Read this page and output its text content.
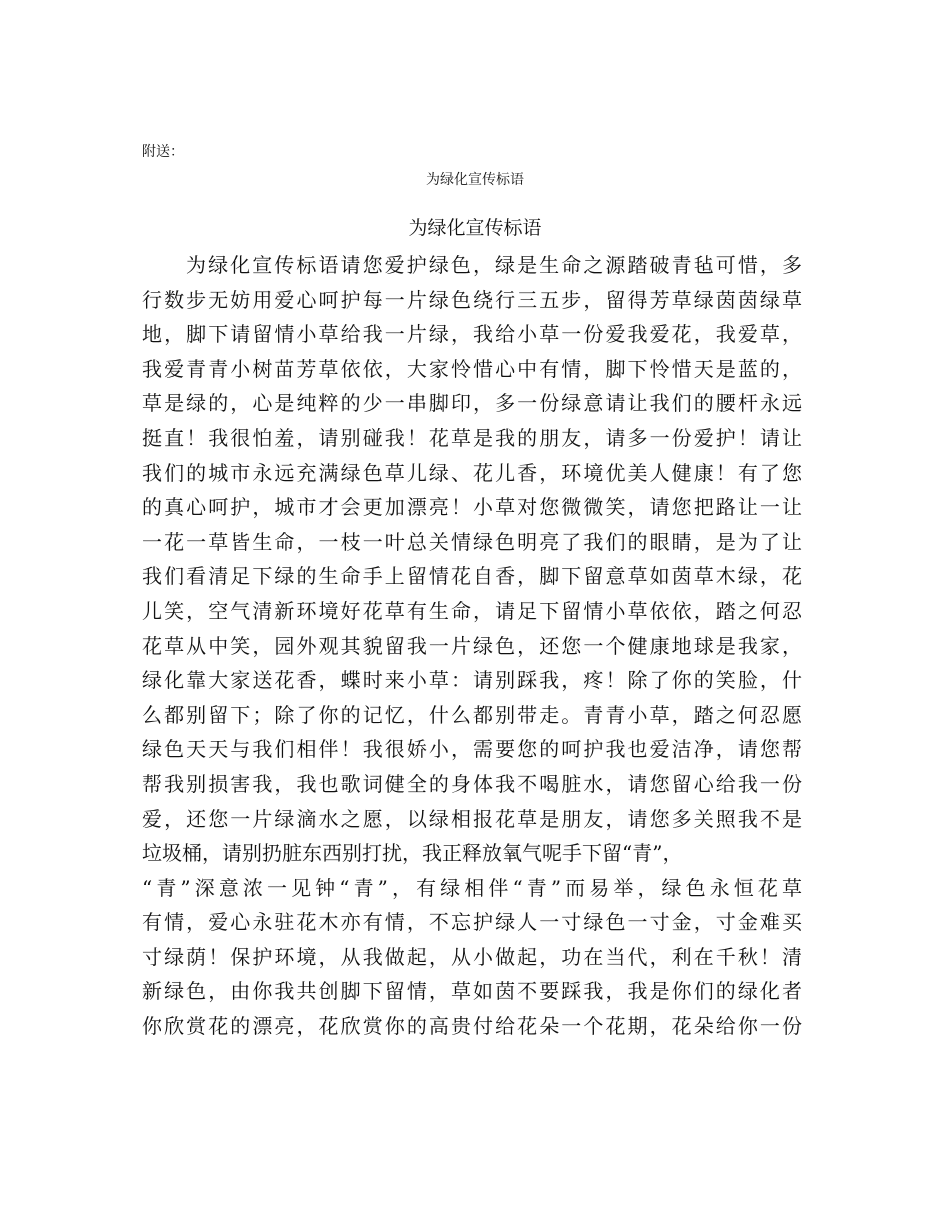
附送：
为绿化宣传标语
为绿化宣传标语
为绿化宣传标语请您爱护绿色，绿是生命之源踏破青毡可惜，多
行数步无妨用爱心呵护每一片绿色绕行三五步，留得芳草绿茵茵绿草
地，脚下请留情小草给我一片绿，我给小草一份爱我爱花，我爱草，
我爱青青小树苗芳草依依，大家怜惜心中有情，脚下怜惜天是蓝的，
草是绿的，心是纯粹的少一串脚印，多一份绿意请让我们的腰杆永远
挺直！我很怕羞，请别碰我！花草是我的朋友，请多一份爱护！请让
我们的城市永远充满绿色草儿绿、花儿香，环境优美人健康！有了您
的真心呵护，城市才会更加漂亮！小草对您微微笑，请您把路让一让
一花一草皆生命，一枝一叶总关情绿色明亮了我们的眼睛，是为了让
我们看清足下绿的生命手上留情花自香，脚下留意草如茵草木绿，花
儿笑，空气清新环境好花草有生命，请足下留情小草依依，踏之何忍
花草从中笑，园外观其貌留我一片绿色，还您一个健康地球是我家，
绿化靠大家送花香，蝶时来小草：请别踩我，疼！除了你的笑脸，什
么都别留下；除了你的记忆，什么都别带走。青青小草，踏之何忍愿
绿色天天与我们相伴！我很娇小，需要您的呵护我也爱洁净，请您帮
帮我别损害我，我也歌词健全的身体我不喝脏水，请您留心给我一份
爱，还您一片绿滴水之愿，以绿相报花草是朋友，请您多关照我不是
垃圾桶，请别扔脏东西别打扰，我正释放氧气呢手下留“青”，
“青”深意浓一见钟“青”，有绿相伴“青”而易举，绿色永恒花草
有情，爱心永驻花木亦有情，不忘护绿人一寸绿色一寸金，寸金难买
寸绿荫！保护环境，从我做起，从小做起，功在当代，利在千秋！清
新绿色，由你我共创脚下留情，草如茵不要踩我，我是你们的绿化者
你欣赏花的漂亮，花欣赏你的高贵付给花朵一个花期，花朵给你一份
